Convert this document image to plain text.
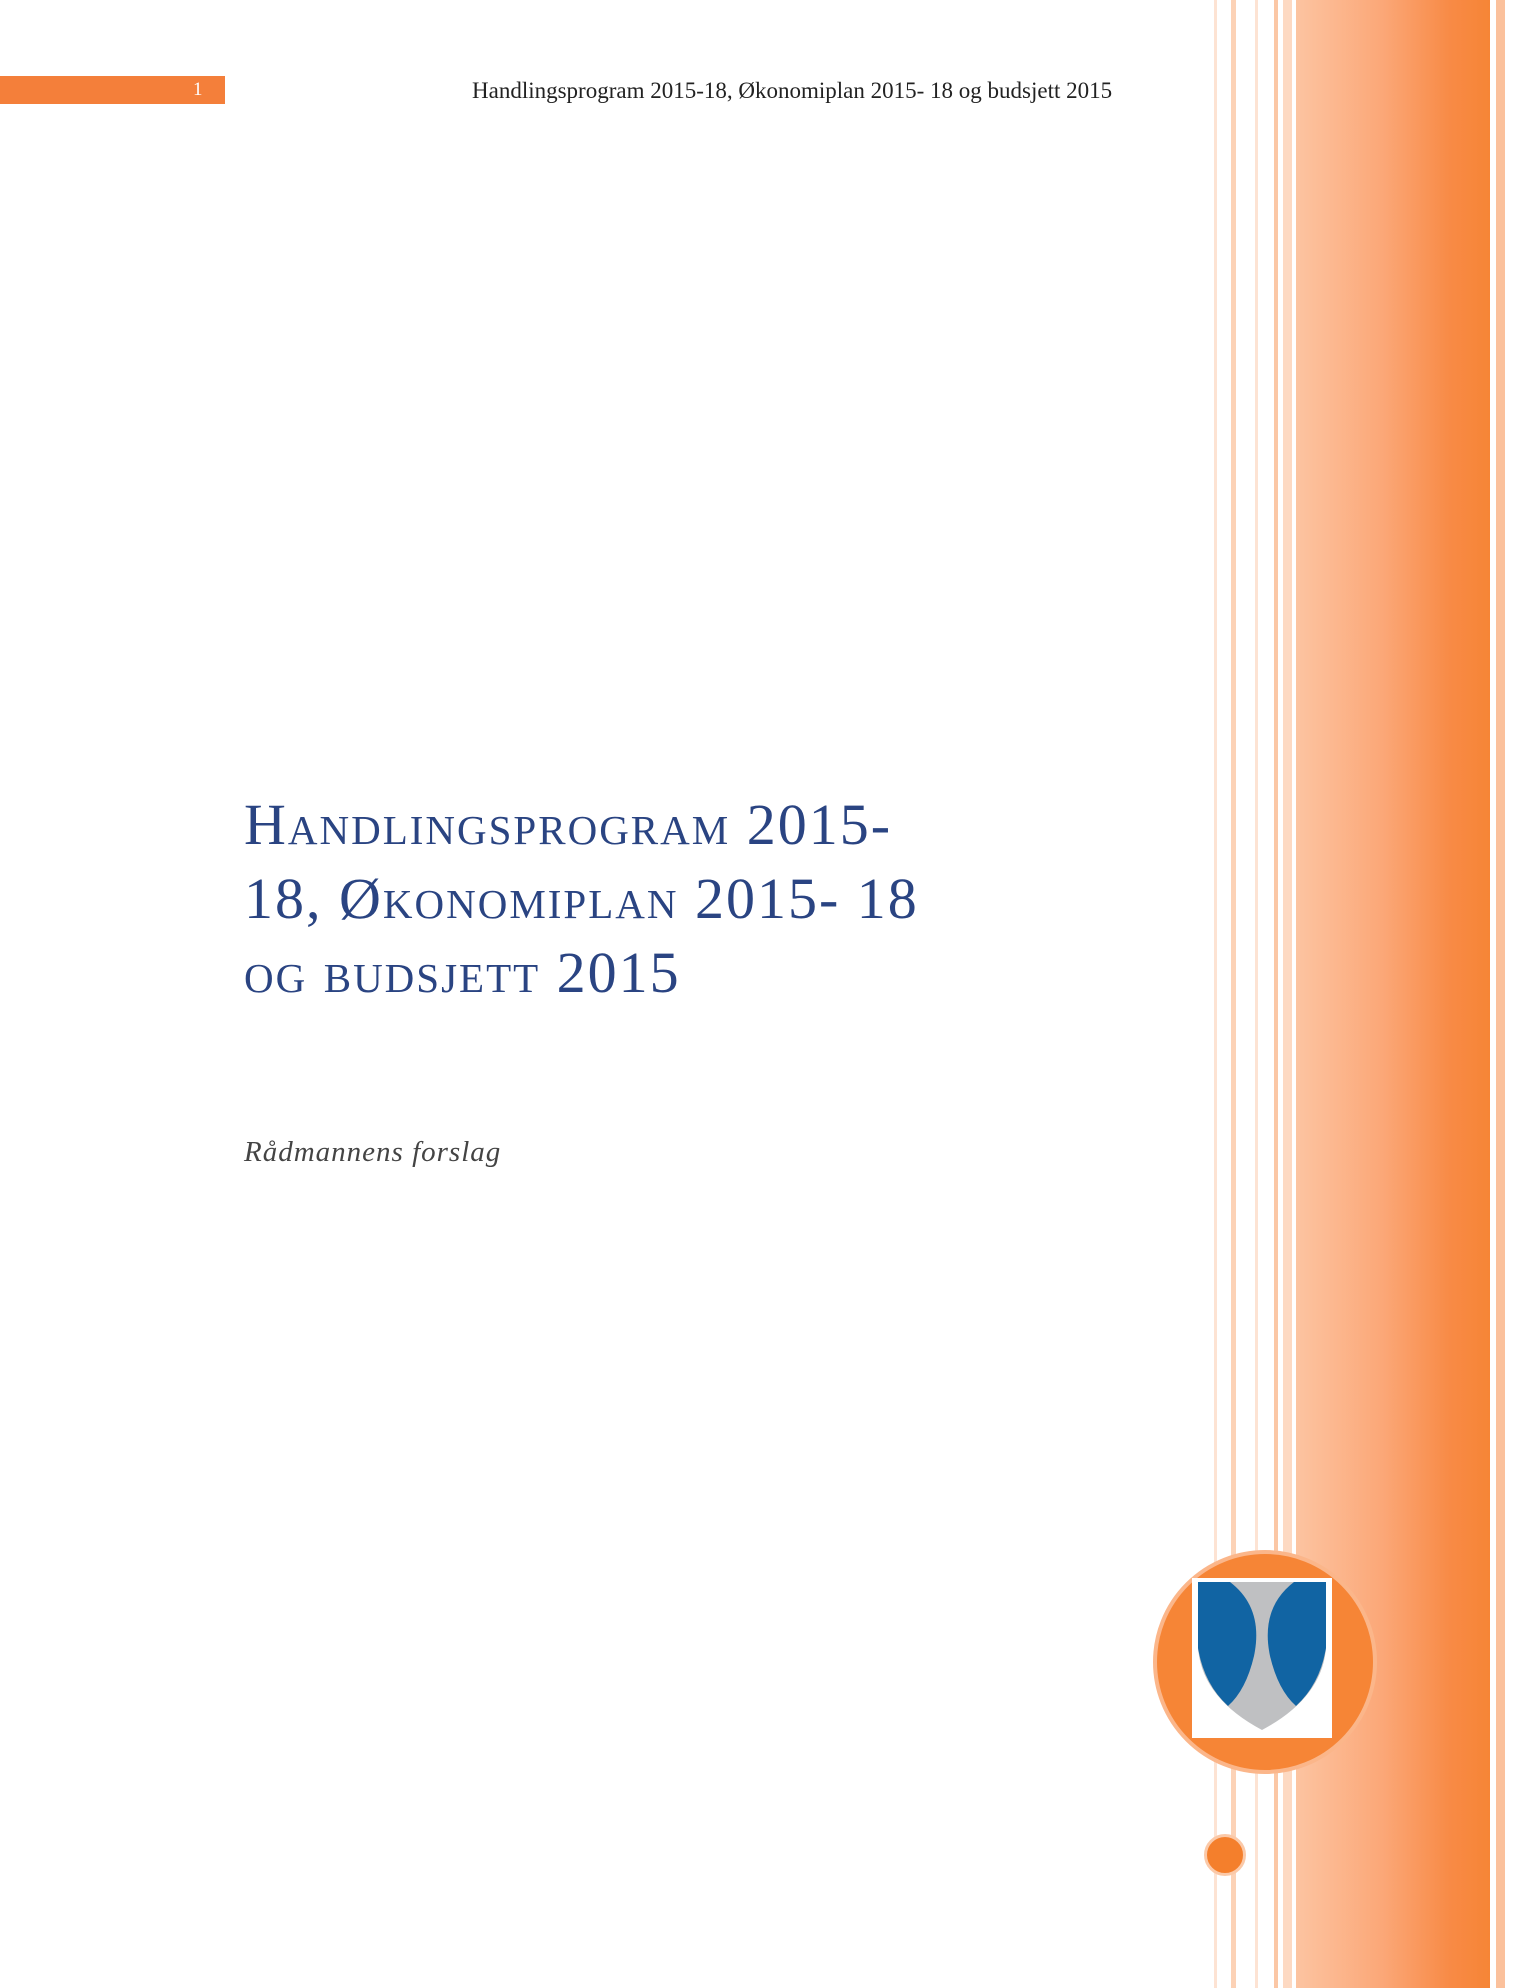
1	Handlingsprogram 2015-18, Økonomiplan 2015- 18 og budsjett 2015
Handlingsprogram 2015-
18, Økonomiplan 2015- 18
og budsjett 2015
Rådmannens forslag
